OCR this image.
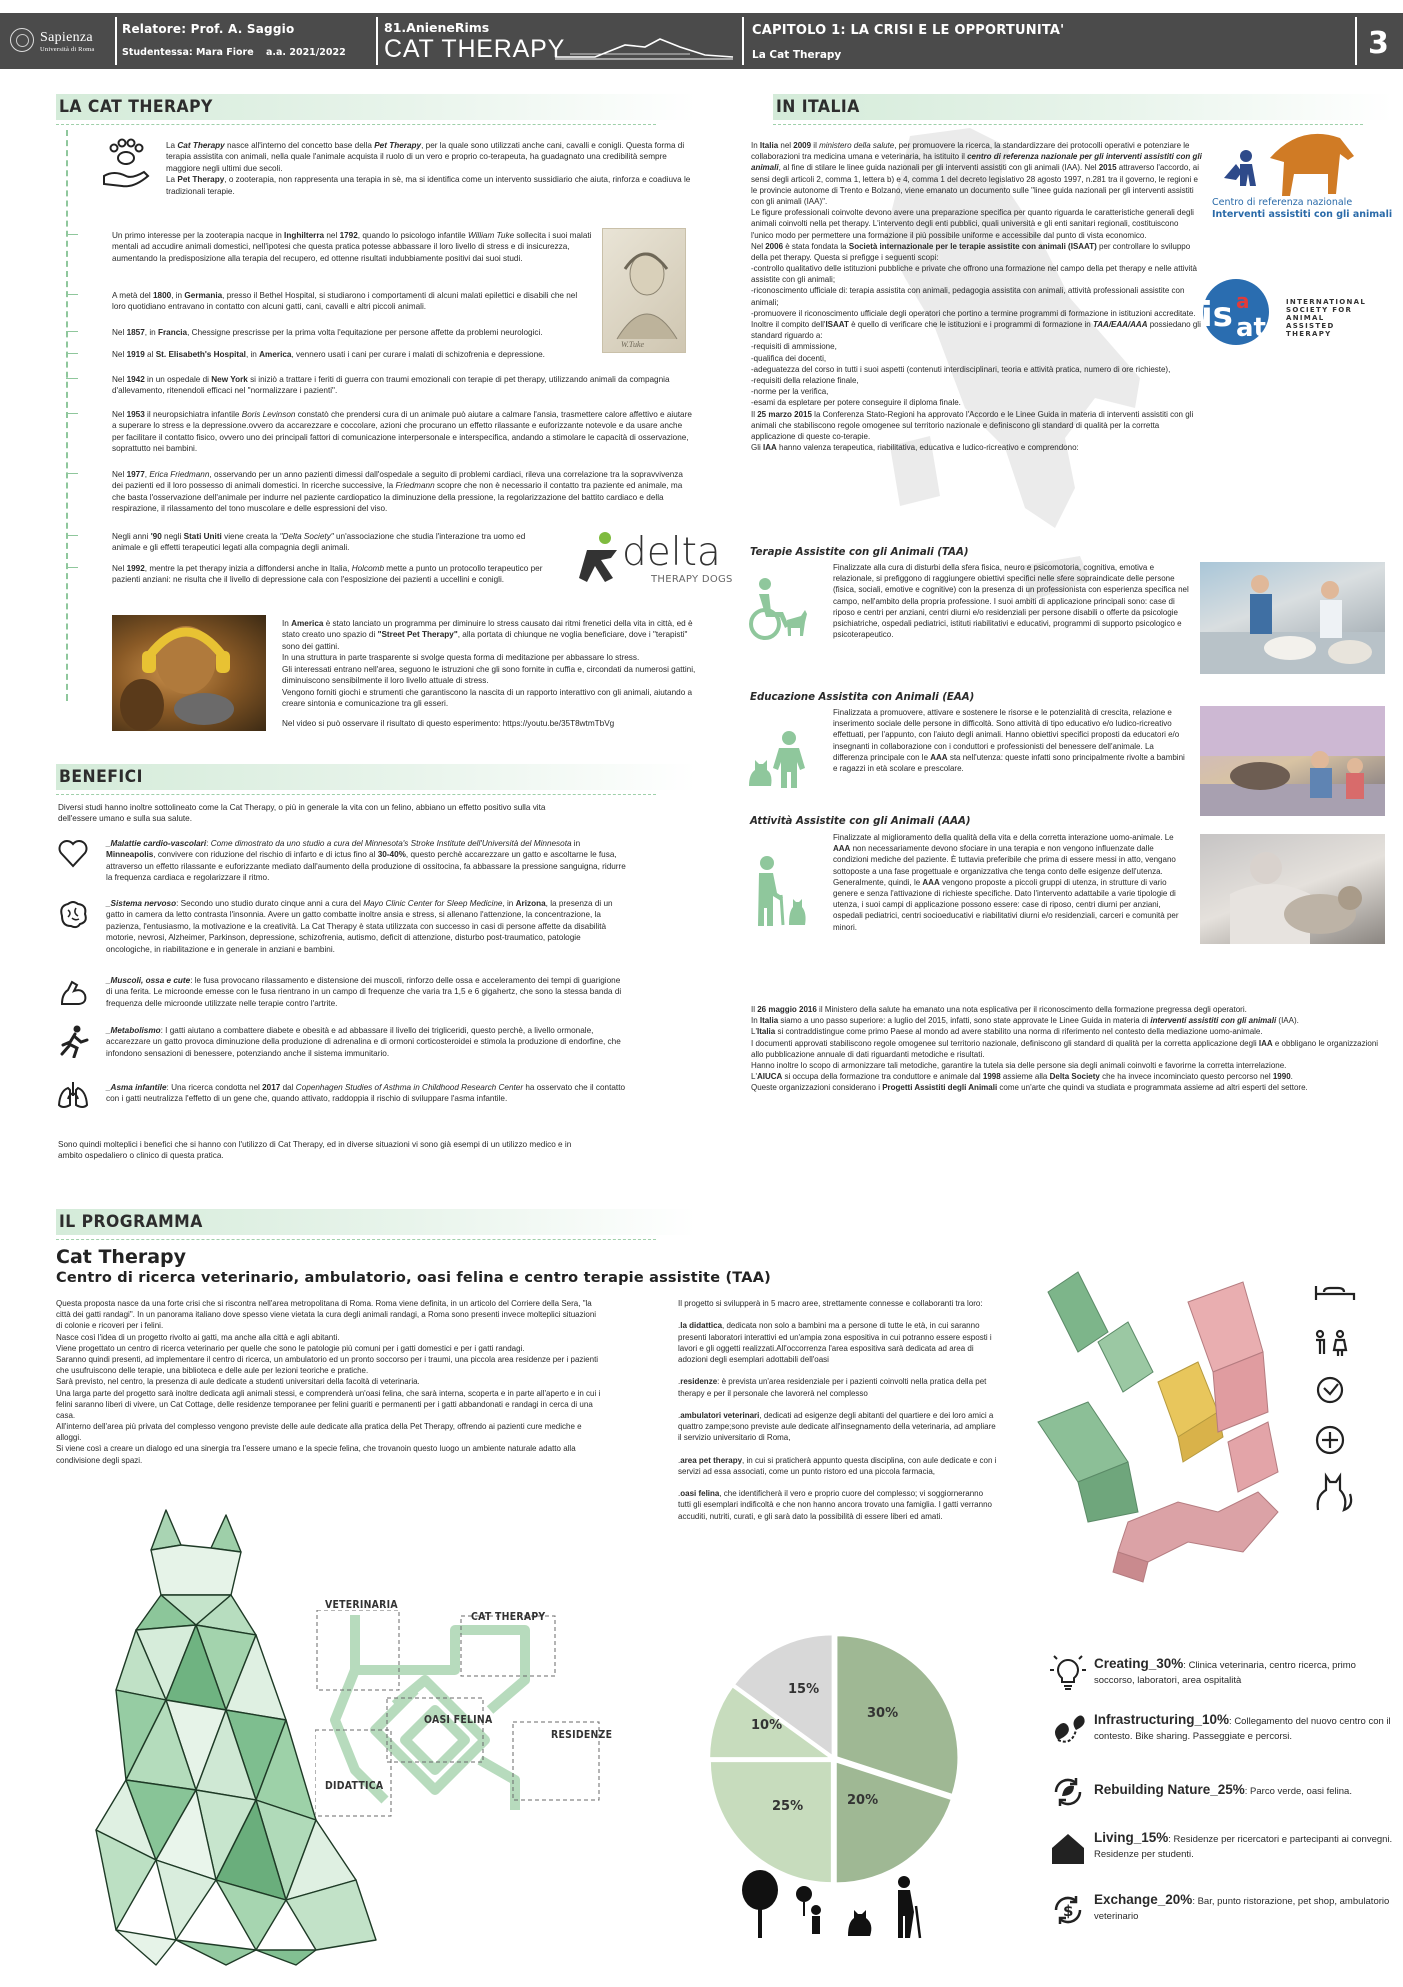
Sapienza
Università di Roma
Relatore: Prof. A. Saggio
Studentessa: Mara Fiore a.a. 2021/2022
81.AnieneRims
CAT THERAPY
CAPITOLO 1: LA CRISI E LE OPPORTUNITA'
La Cat Therapy	3
LA CAT THERAPY
La Cat Therapy nasce all'interno del concetto base della Pet Therapy, per la quale sono utilizzati anche cani, cavalli e conigli. Questa forma di terapia assistita con animali, nella quale l'animale acquista il ruolo di un vero e proprio co-terapeuta, ha guadagnato una credibilità sempre maggiore negli ultimi due secoli.
La Pet Therapy, o zooterapia, non rappresenta una terapia in sè, ma si identifica come un intervento sussidiario che aiuta, rinforza e coadiuva le tradizionali terapie.
Un primo interesse per la zooterapia nacque in Inghilterra nel 1792, quando lo psicologo infantile William Tuke sollecita i suoi malati mentali ad accudire animali domestici, nell'ipotesi che questa pratica potesse abbassare il loro livello di stress e di insicurezza, aumentando la predisposizione alla terapia del recupero, ed ottenne risultati indubbiamente positivi dai suoi studi.
W.Tuke
A metà del 1800, in Germania, presso il Bethel Hospital, si studiarono i comportamenti di alcuni malati epilettici e disabili che nel loro quotidiano entravano in contatto con alcuni gatti, cani, cavalli e altri piccoli animali.
Nel 1857, in Francia, Chessigne prescrisse per la prima volta l'equitazione per persone affette da problemi neurologici.
Nel 1919 al St. Elisabeth's Hospital, in America, vennero usati i cani per curare i malati di schizofrenia e depressione.
Nel 1942 in un ospedale di New York si iniziò a trattare i feriti di guerra con traumi emozionali con terapie di pet therapy, utilizzando animali da compagnia d'allevamento, ritenendoli efficaci nel "normalizzare i pazienti".
Nel 1953 il neuropsichiatra infantile Boris Levinson constatò che prendersi cura di un animale può aiutare a calmare l'ansia, trasmettere calore affettivo e aiutare a superare lo stress e la depressione.ovvero da accarezzare e coccolare, azioni che procurano un effetto rilassante e euforizzante notevole e da usare anche per facilitare il contatto fisico, ovvero uno dei principali fattori di comunicazione interpersonale e interspecifica, andando a stimolare le capacità di osservazione, soprattutto nei bambini.
Nel 1977, Erica Friedmann, osservando per un anno pazienti dimessi dall'ospedale a seguito di problemi cardiaci, rileva una correlazione tra la sopravvivenza dei pazienti ed il loro possesso di animali domestici. In ricerche successive, la Friedmann scopre che non è necessario il contatto tra paziente ed animale, ma che basta l'osservazione dell'animale per indurre nel paziente cardiopatico la diminuzione della pressione, la regolarizzazione del battito cardiaco e della respirazione, il rilassamento del tono muscolare e delle espressioni del viso.
Negli anni '90 negli Stati Uniti viene creata la "Delta Society" un'associazione che studia l'interazione tra uomo ed animale e gli effetti terapeutici legati alla compagnia degli animali.	delta
THERAPY DOGS
Nel 1992, mentre la pet therapy inizia a diffondersi anche in Italia, Holcomb mette a punto un protocollo terapeutico per pazienti anziani: ne risulta che il livello di depressione cala con l'esposizione dei pazienti a uccellini e conigli.
In America è stato lanciato un programma per diminuire lo stress causato dai ritmi frenetici della vita in città, ed è stato creato uno spazio di "Street Pet Therapy", alla portata di chiunque ne voglia beneficiare, dove i "terapisti" sono dei gattini.
In una struttura in parte trasparente si svolge questa forma di meditazione per abbassare lo stress.
Gli interessati entrano nell'area, seguono le istruzioni che gli sono fornite in cuffia e, circondati da numerosi gattini, diminuiscono sensibilmente il loro livello attuale di stress.
Vengono forniti giochi e strumenti che garantiscono la nascita di un rapporto interattivo con gli animali, aiutando a creare sintonia e comunicazione tra gli esseri.
Nel video si può osservare il risultato di questo esperimento: https://youtu.be/35T8wtmTbVg
BENEFICI
Diversi studi hanno inoltre sottolineato come la Cat Therapy, o più in generale la vita con un felino, abbiano un effetto positivo sulla vita dell'essere umano e sulla sua salute.
_Malattie cardio-vascolari: Come dimostrato da uno studio a cura del Minnesota's Stroke Institute dell'Università del Minnesota in Minneapolis, convivere con riduzione del rischio di infarto e di ictus fino al 30-40%, questo perchè accarezzare un gatto e ascoltarne le fusa, attraverso un effetto rilassante e euforizzante mediato dall'aumento della produzione di ossitocina, fa abbassare la pressione sanguigna, ridurre la frequenza cardiaca e regolarizzare il ritmo.
_Sistema nervoso: Secondo uno studio durato cinque anni a cura del Mayo Clinic Center for Sleep Medicine, in Arizona, la presenza di un gatto in camera da letto contrasta l'insonnia. Avere un gatto combatte inoltre ansia e stress, si allenano l'attenzione, la concentrazione, la pazienza, l'entusiasmo, la motivazione e la creatività. La Cat Therapy è stata utilizzata con successo in casi di persone affette da disabilità motorie, nevrosi, Alzheimer, Parkinson, depressione, schizofrenia, autismo, deficit di attenzione, disturbo post-traumatico, patologie oncologiche, in riabilitazione e in generale in anziani e bambini.
_Muscoli, ossa e cute: le fusa provocano rilassamento e distensione dei muscoli, rinforzo delle ossa e acceleramento dei tempi di guarigione di una ferita. Le microonde emesse con le fusa rientrano in un campo di frequenze che varia tra 1,5 e 6 gigahertz, che sono la stessa banda di frequenza delle microonde utilizzate nelle terapie contro l'artrite.
_Metabolismo: I gatti aiutano a combattere diabete e obesità e ad abbassare il livello dei trigliceridi, questo perchè, a livello ormonale, accarezzare un gatto provoca diminuzione della produzione di adrenalina e di ormoni corticosteroidei e stimola la produzione di endorfine, che infondono sensazioni di benessere, potenziando anche il sistema immunitario.
_Asma infantile: Una ricerca condotta nel 2017 dal Copenhagen Studies of Asthma in Childhood Research Center ha osservato che il contatto con i gatti neutralizza l'effetto di un gene che, quando attivato, raddoppia il rischio di sviluppare l'asma infantile.
Sono quindi molteplici i benefici che si hanno con l'utilizzo di Cat Therapy, ed in diverse situazioni vi sono già esempi di un utilizzo medico e in ambito ospedaliero o clinico di questa pratica.
IN ITALIA
In Italia nel 2009 il ministero della salute, per promuovere la ricerca, la standardizzare dei protocolli operativi e potenziare le collaborazioni tra medicina umana e veterinaria, ha istituito il centro di referenza nazionale per gli interventi assistiti con gli animali, al fine di stilare le linee guida nazionali per gli interventi assistiti con gli animali (IAA). Nel 2015 attraverso l'accordo, ai sensi degli articoli 2, comma 1, lettera b) e 4, comma 1 del decreto legislativo 28 agosto 1997, n.281 tra il governo, le regioni e le provincie autonome di Trento e Bolzano, viene emanato un documento sulle "linee guida nazionali per gli interventi assistiti con gli animali (IAA)".
Le figure professionali coinvolte devono avere una preparazione specifica per quanto riguarda le caratteristiche generali degli animali coinvolti nella pet therapy. L'intervento degli enti pubblici, quali università e gli enti sanitari regionali, costituiscono l'unico modo per permettere una formazione il più possibile uniforme e accessibile dal punto di vista economico.
Nel 2006 è stata fondata la Società internazionale per le terapie assistite con animali (ISAAT) per controllare lo sviluppo della pet therapy. Questa si prefigge i seguenti scopi:
-controllo qualitativo delle istituzioni pubbliche e private che offrono una formazione nel campo della pet therapy e nelle attività assistite con gli animali;
-riconoscimento ufficiale di: terapia assistita con animali, pedagogia assistita con animali, attività professionali assistite con animali;
-promuovere il riconoscimento ufficiale degli operatori che portino a termine programmi di formazione in istituzioni accreditate.
Inoltre il compito dell'ISAAT è quello di verificare che le istituzioni e i programmi di formazione in TAA/EAA/AAA possiedano gli standard riguardo a:
-requisiti di ammissione,
-qualifica dei docenti,
-adeguatezza del corso in tutti i suoi aspetti (contenuti interdisciplinari, teoria e attività pratica, numero di ore richieste),
-requisiti della relazione finale,
-norme per la verifica,
-esami da espletare per potere conseguire il diploma finale.
Il 25 marzo 2015 la Conferenza Stato-Regioni ha approvato l'Accordo e le Linee Guida in materia di interventi assistiti con gli animali che stabiliscono regole omogenee sul territorio nazionale e definiscono gli standard di qualità per la corretta applicazione di queste co-terapie.
Gli IAA hanno valenza terapeutica, riabilitativa, educativa e ludico-ricreativo e comprendono:
Centro di referenza nazionale
Interventi assistiti con gli animali
is a
at
INTERNATIONAL
SOCIETY FOR
ANIMAL
ASSISTED
THERAPY
Terapie Assistite con gli Animali (TAA)
Finalizzate alla cura di disturbi della sfera fisica, neuro e psicomotoria, cognitiva, emotiva e relazionale, si prefiggono di raggiungere obiettivi specifici nelle sfere sopraindicate delle persone (fisica, sociali, emotive e cognitive) con la presenza di un professionista con esperienza specifica nel campo, nell'ambito della propria professione. I suoi ambiti di applicazione principali sono: case di riposo e centri per anziani, centri diurni e/o residenziali per persone disabili o offerte da psicologie psichiatriche, ospedali pediatrici, istituti riabilitativi e educativi, programmi di supporto psicologico e psicoterapeutico.
Educazione Assistita con Animali (EAA)
Finalizzata a promuovere, attivare e sostenere le risorse e le potenzialità di crescita, relazione e inserimento sociale delle persone in difficoltà. Sono attività di tipo educativo e/o ludico-ricreativo effettuati, per l'appunto, con l'aiuto degli animali. Hanno obiettivi specifici proposti da educatori e/o insegnanti in collaborazione con i conduttori e professionisti del benessere dell'animale. La differenza principale con le AAA sta nell'utenza: queste infatti sono principalmente rivolte a bambini e ragazzi in età scolare e prescolare.
Attività Assistite con gli Animali (AAA)
Finalizzate al miglioramento della qualità della vita e della corretta interazione uomo-animale. Le AAA non necessariamente devono sfociare in una terapia e non vengono influenzate dalle condizioni mediche del paziente. È tuttavia preferibile che prima di essere messi in atto, vengano sottoposte a una fase progettuale e organizzativa che tenga conto delle esigenze dell'utenza.
Generalmente, quindi, le AAA vengono proposte a piccoli gruppi di utenza, in strutture di vario genere e senza l'attivazione di richieste specifiche. Dato l'intervento adattabile a varie tipologie di utenza, i suoi campi di applicazione possono essere: case di riposo, centri diurni per anziani, ospedali pediatrici, centri socioeducativi e riabilitativi diurni e/o residenziali, carceri e comunità per minori.
Il 26 maggio 2016 il Ministero della salute ha emanato una nota esplicativa per il riconoscimento della formazione pregressa degli operatori.
In Italia siamo a uno passo superiore: a luglio del 2015, infatti, sono state approvate le Linee Guida in materia di interventi assistiti con gli animali (IAA).
L'Italia si contraddistingue come primo Paese al mondo ad avere stabilito una norma di riferimento nel contesto della mediazione uomo-animale.
I documenti approvati stabiliscono regole omogenee sul territorio nazionale, definiscono gli standard di qualità per la corretta applicazione degli IAA e obbligano le organizzazioni allo pubblicazione annuale di dati riguardanti metodiche e risultati.
Hanno inoltre lo scopo di armonizzare tali metodiche, garantire la tutela sia delle persone sia degli animali coinvolti e favorirne la corretta interrelazione.
L'AIUCA si occupa della formazione tra conduttore e animale dal 1998 assieme alla Delta Society che ha invece incominciato questo percorso nel 1990.
Queste organizzazioni considerano i Progetti Assistiti degli Animali come un'arte che quindi va studiata e programmata assieme ad altri esperti del settore.
IL PROGRAMMA
Cat Therapy
Centro di ricerca veterinario, ambulatorio, oasi felina e centro terapie assistite (TAA)
Questa proposta nasce da una forte crisi che si riscontra nell'area metropolitana di Roma. Roma viene definita, in un articolo del Corriere della Sera, "la città dei gatti randagi". In un panorama italiano dove spesso viene vietata la cura degli animali randagi, a Roma sono presenti invece molteplici situazioni di colonie e ricoveri per i felini.
Nasce così l'idea di un progetto rivolto ai gatti, ma anche alla città e agli abitanti.
Viene progettato un centro di ricerca veterinario per quelle che sono le patologie più comuni per i gatti domestici e per i gatti randagi.
Saranno quindi presenti, ad implementare il centro di ricerca, un ambulatorio ed un pronto soccorso per i traumi, una piccola area residenze per i pazienti che usufruiscono delle terapie, una biblioteca e delle aule per lezioni teoriche e pratiche.
Sarà previsto, nel centro, la presenza di aule dedicate a studenti universitari della facoltà di veterinaria.
Una larga parte del progetto sarà inoltre dedicata agli animali stessi, e comprenderà un'oasi felina, che sarà interna, scoperta e in parte all'aperto e in cui i felini saranno liberi di vivere, un Cat Cottage, delle residenze temporanee per felini guariti e permanenti per i gatti abbandonati e randagi in cerca di una casa.
All'interno dell'area più privata del complesso vengono previste delle aule dedicate alla pratica della Pet Therapy, offrendo ai pazienti cure mediche e alloggi.
Si viene così a creare un dialogo ed una sinergia tra l'essere umano e la specie felina, che trovanoin questo luogo un ambiente naturale adatto alla condivisione degli spazi.
Il progetto si svilupperà in 5 macro aree, strettamente connesse e collaboranti tra loro:

.la didattica, dedicata non solo a bambini ma a persone di tutte le età, in cui saranno presenti laboratori interattivi ed un'ampia zona espositiva in cui potranno essere esposti i lavori e gli oggetti realizzati.All'occorrenza l'area espositiva sarà dedicata ad area di adozioni degli esemplari adottabili dell'oasi

.residenze: è prevista un'area residenziale per i pazienti coinvolti nella pratica della pet therapy e per il personale che lavorerà nel complesso

.ambulatori veterinari, dedicati ad esigenze degli abitanti del quartiere e dei loro amici a quattro zampe;sono previste aule dedicate all'insegnamento della veterinaria, ad ampliare il servizio universitario di Roma,

.area pet therapy, in cui si praticherà appunto questa disciplina, con aule dedicate e con i servizi ad essa associati, come un punto ristoro ed una piccola farmacia,

.oasi felina, che identificherà il vero e proprio cuore del complesso; vi soggiorneranno tutti gli esemplari indificoltà e che non hanno ancora trovato una famiglia. I gatti verranno accuditi, nutriti, curati, e gli sarà dato la possibilità di essere liberi ed amati.
VETERINARIA
CAT THERAPY
OASI FELINA
RESIDENZE
DIDATTICA
15%
30%
10%
25%	20%
Creating_30%: Clinica veterinaria, centro ricerca, primo soccorso, laboratori, area ospitalità
Infrastructuring_10%: Collegamento del nuovo centro con il contesto. Bike sharing. Passeggiate e percorsi.
Rebuilding Nature_25%: Parco verde, oasi felina.
Living_15%: Residenze per ricercatori e partecipanti ai convegni. Residenze per studenti.
$
Exchange_20%: Bar, punto ristorazione, pet shop, ambulatorio veterinario
